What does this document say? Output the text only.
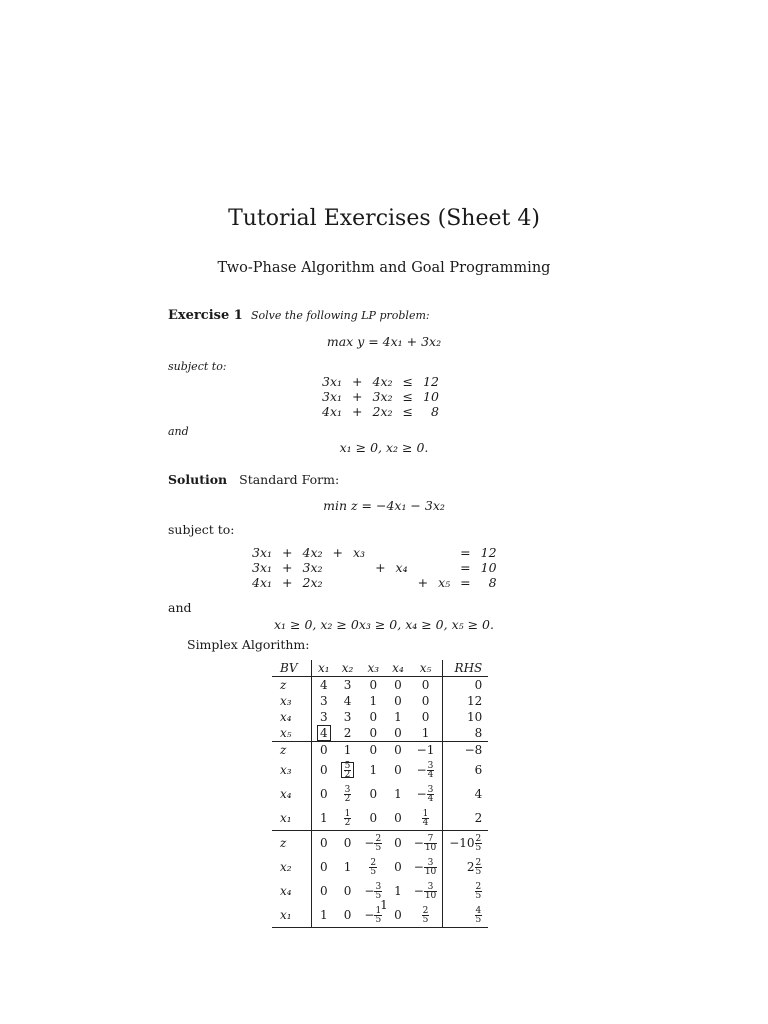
Tutorial Exercises (Sheet 4)
Two-Phase Algorithm and Goal Programming
Exercise 1 Solve the following LP problem:
max y = 4x₁ + 3x₂
subject to:
3x₁	+	4x₂	≤	12
3x₁	+	3x₂	≤	10
4x₁	+	2x₂	≤	8
and
x₁ ≥ 0, x₂ ≥ 0.
Solution Standard Form:
min z = −4x₁ − 3x₂
subject to:
3x₁	+	4x₂	+	x₃					=	12
3x₁	+	3x₂			+	x₄			=	10
4x₁	+	2x₂					+	x₅	=	8
and
x₁ ≥ 0, x₂ ≥ 0x₃ ≥ 0, x₄ ≥ 0, x₅ ≥ 0.
Simplex Algorithm:
BV	x₁	x₂	x₃	x₄	x₅	RHS
z	4	3	0	0	0	0
x₃	3	4	1	0	0	12
x₄	3	3	0	1	0	10
x₅	4	2	0	0	1	8
z	0	1	0	0	−1	−8
x₃	0	$\frac{5}{2}$	1	0	− $\frac{3}{4}$	6
x₄	0	$\frac{3}{2}$	0	1	− $\frac{3}{4}$	4
x₁	1	$\frac{1}{2}$	0	0	$\frac{1}{4}$	2
z	0	0	− $\frac{2}{5}$	0	− $\frac{7}{10}$	$-10 \frac{2}{5}$

x₂	0	1	$\frac{2}{5}$	0	− $\frac{3}{10}$	$2 \frac{2}{5}$

x₄	0	0	− $\frac{3}{5}$	1	− $\frac{3}{10}$	$\frac{2}{5}$

x₁	1	0	− $\frac{1}{5}$	0	$\frac{2}{5}$	$\frac{4}{5}$
1
